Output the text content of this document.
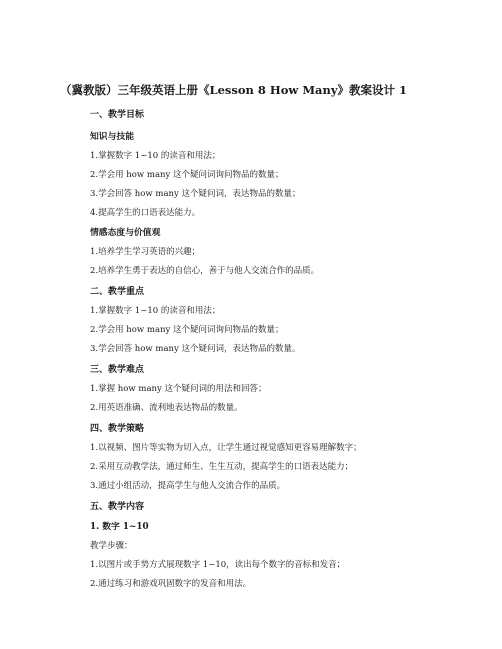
（冀教版）三年级英语上册《Lesson 8 How Many》教案设计 1
一、教学目标
知识与技能
1.掌握数字 1~10 的读音和用法；
2.学会用 how many 这个疑问词询问物品的数量；
3.学会回答 how many 这个疑问词，表达物品的数量；
4.提高学生的口语表达能力。
情感态度与价值观
1.培养学生学习英语的兴趣；
2.培养学生勇于表达的自信心，善于与他人交流合作的品质。
二、教学重点
1.掌握数字 1~10 的读音和用法；
2.学会用 how many 这个疑问词询问物品的数量；
3.学会回答 how many 这个疑问词，表达物品的数量。
三、教学难点
1.掌握 how many 这个疑问词的用法和回答；
2.用英语准确、流利地表达物品的数量。
四、教学策略
1.以视频、图片等实物为切入点，让学生通过视觉感知更容易理解数字；
2.采用互动教学法，通过师生、生生互动，提高学生的口语表达能力；
3.通过小组活动，提高学生与他人交流合作的品质。
五、教学内容
1. 数字 1~10
教学步骤：
1.以图片或手势方式展现数字 1~10，读出每个数字的音标和发音；
2.通过练习和游戏巩固数字的发音和用法。
